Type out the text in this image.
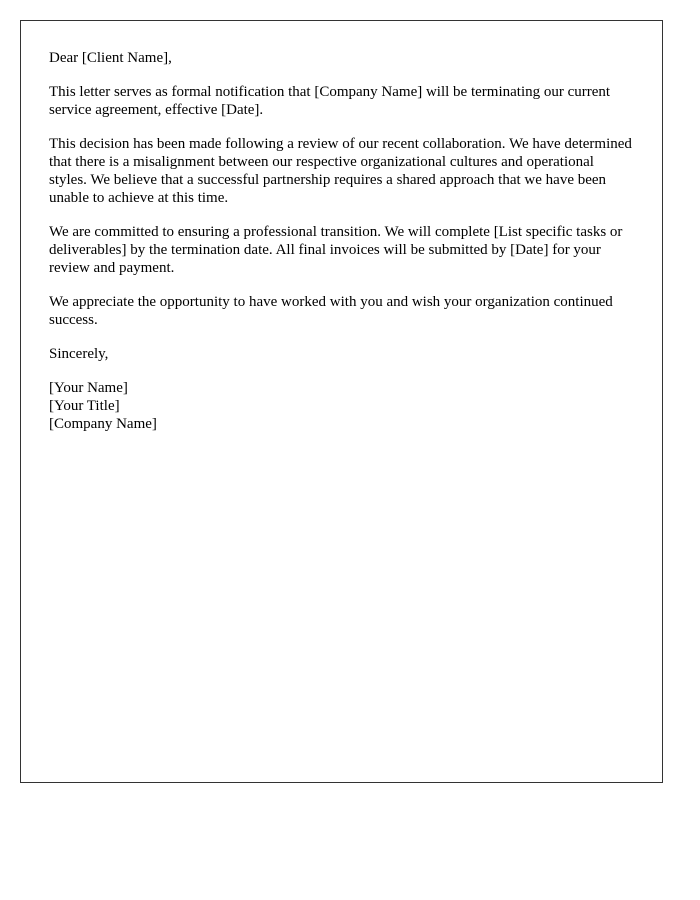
Dear [Client Name],

This letter serves as formal notification that [Company Name] will be terminating our current service agreement, effective [Date].

This decision has been made following a review of our recent collaboration. We have determined that there is a misalignment between our respective organizational cultures and operational styles. We believe that a successful partnership requires a shared approach that we have been unable to achieve at this time.

We are committed to ensuring a professional transition. We will complete [List specific tasks or deliverables] by the termination date. All final invoices will be submitted by [Date] for your review and payment.

We appreciate the opportunity to have worked with you and wish your organization continued success.

Sincerely,

[Your Name]

[Your Title]

[Company Name]
